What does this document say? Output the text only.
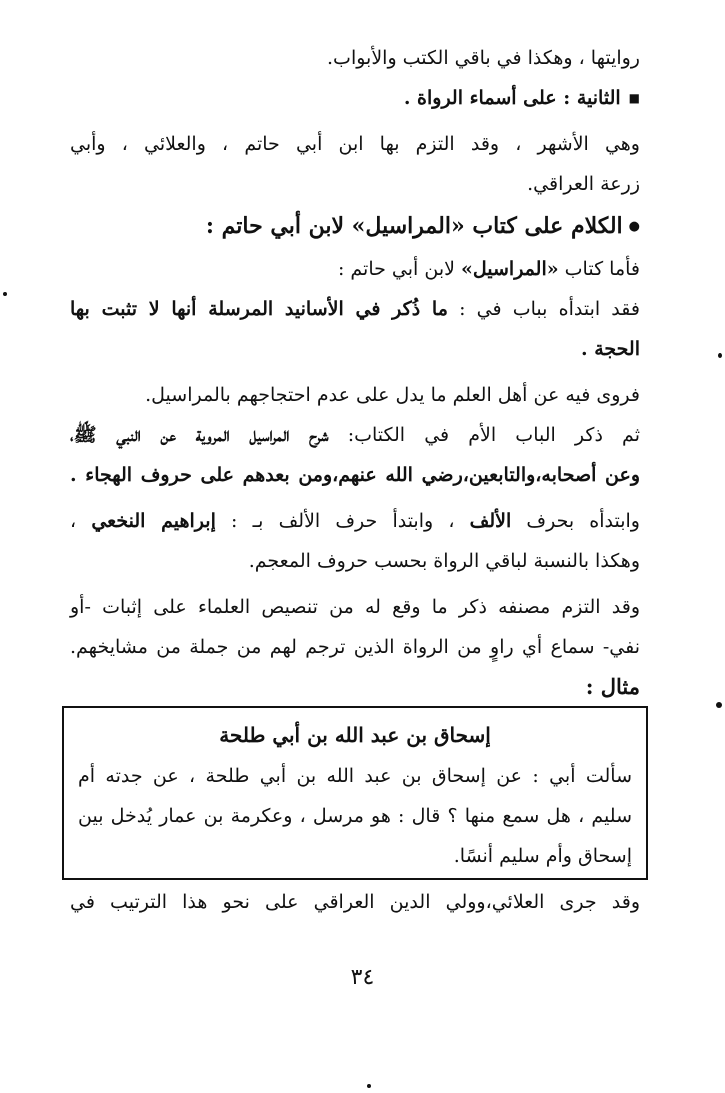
روايتها ، وهكذا في باقي الكتب والأبواب.
■ الثانية : على أسماء الرواة .
وهي الأشهر ، وقد التزم بها ابن أبي حاتم ، والعلائي ، وأبي
زرعة العراقي.
● الكلام على كتاب «المراسيل» لابن أبي حاتم :
فأما كتاب «المراسيل» لابن أبي حاتم :
فقد ابتدأه بباب في : ما ذُكر في الأسانيد المرسلة أنها لا تثبت بها
الحجة .
فروى فيه عن أهل العلم ما يدل على عدم احتجاجهم بالمراسيل.
ثم ذكر الباب الأم في الكتاب: شرح المراسيل المروية عن النبي ﷺ،
وعن أصحابه،والتابعين،رضي الله عنهم،ومن بعدهم على حروف الهجاء .
وابتدأه بحرف الألف ، وابتدأ حرف الألف بـ : إبراهيم النخعي ،
وهكذا بالنسبة لباقي الرواة بحسب حروف المعجم.
وقد التزم مصنفه ذكر ما وقع له من تنصيص العلماء على إثبات -أو
نفي- سماع أي راوٍ من الرواة الذين ترجم لهم من جملة من مشايخهم.
مثال :
إسحاق بن عبد الله بن أبي طلحة
سألت أبي : عن إسحاق بن عبد الله بن أبي طلحة ، عن جدته أم
سليم ، هل سمع منها ؟ قال : هو مرسل ، وعكرمة بن عمار يُدخل بين
إسحاق وأم سليم أنسًا.
وقد جرى العلائي،وولي الدين العراقي على نحو هذا الترتيب في
٣٤
